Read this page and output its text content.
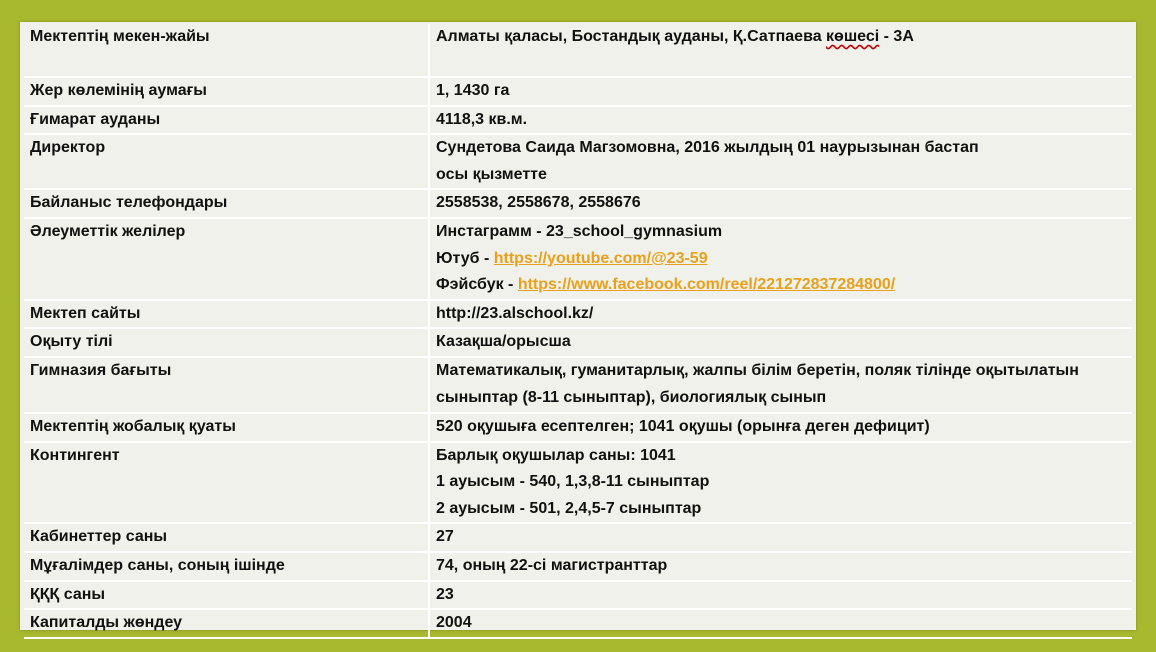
Мектептің мекен-жайы	Алматы қаласы, Бостандық ауданы, Қ.Сатпаева көшесі - 3А

Жер көлемінің аумағы	1, 1430 га

Ғимарат ауданы	4118,3 кв.м.

Директор	Сундетова Саида Магзомовна, 2016 жылдың 01 наурызынан бастап
осы қызметте

Байланыс телефондары	2558538, 2558678, 2558676

Әлеуметтік желілер	Инстаграмм - 23_school_gymnasium
Ютуб - https://youtube.com/@23-59
Фэйсбук - https://www.facebook.com/reel/221272837284800/

Мектеп сайты	http://23.alschool.kz/

Оқыту тілі	Казақша/орысша

Гимназия бағыты	Математикалық, гуманитарлық, жалпы білім беретін, поляк тілінде оқытылатын
сыныптар (8-11 сыныптар), биологиялық сынып

Мектептің жобалық қуаты	520 оқушыға есептелген; 1041 оқушы (орынға деген дефицит)

Контингент	Барлық оқушылар саны: 1041
1 ауысым - 540, 1,3,8-11 сыныптар
2 ауысым - 501, 2,4,5-7 сыныптар

Кабинеттер саны	27

Мұғалімдер саны, соның ішінде	74, оның 22-сі магистранттар

ҚҚҚ саны	23

Капиталды жөндеу	2004
